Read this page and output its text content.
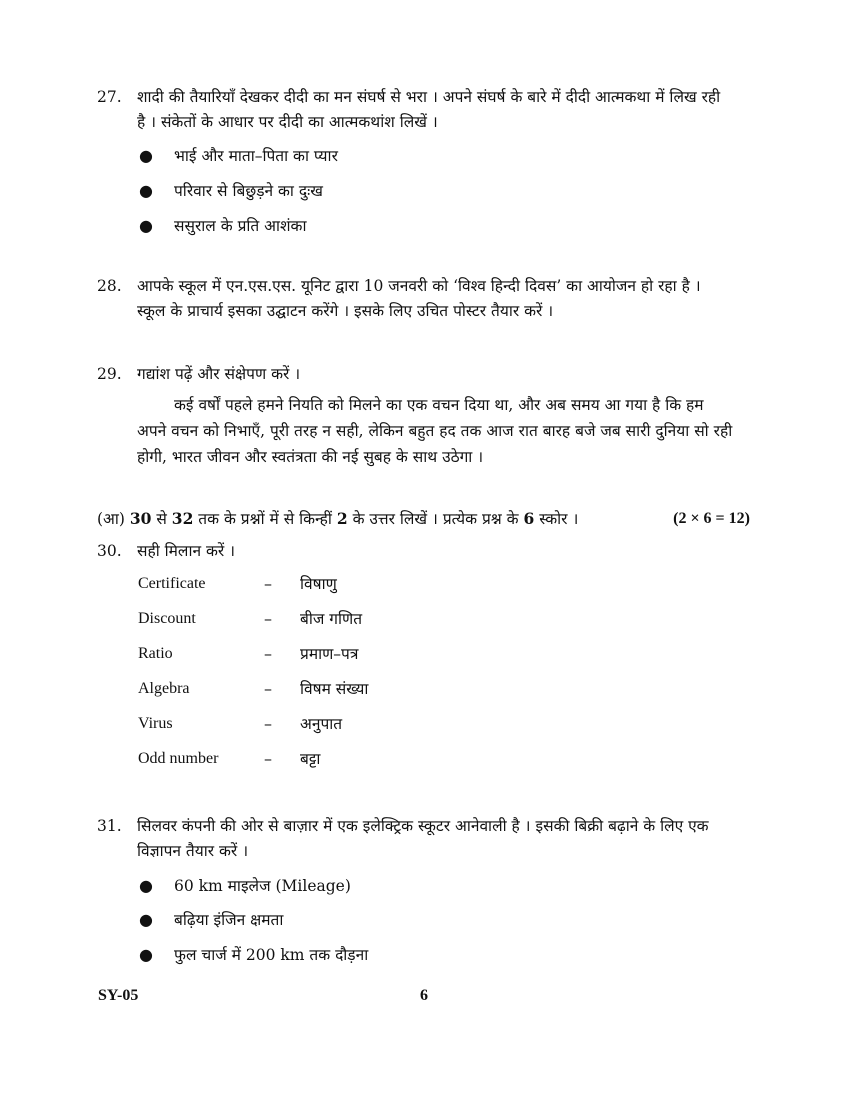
27. शादी की तैयारियाँ देखकर दीदी का मन संघर्ष से भरा । अपने संघर्ष के बारे में दीदी आत्मकथा में लिख रही
है । संकेतों के आधार पर दीदी का आत्मकथांश लिखें ।
● भाई और माता–पिता का प्यार
● परिवार से बिछुड़ने का दुःख
● ससुराल के प्रति आशंका
28. आपके स्कूल में एन.एस.एस. यूनिट द्वारा 10 जनवरी को ‘विश्व हिन्दी दिवस’ का आयोजन हो रहा है ।
स्कूल के प्राचार्य इसका उद्घाटन करेंगे । इसके लिए उचित पोस्टर तैयार करें ।
29. गद्यांश पढ़ें और संक्षेपण करें ।
कई वर्षों पहले हमने नियति को मिलने का एक वचन दिया था, और अब समय आ गया है कि हम
अपने वचन को निभाएँ, पूरी तरह न सही, लेकिन बहुत हद तक आज रात बारह बजे जब सारी दुनिया सो रही
होगी, भारत जीवन और स्वतंत्रता की नई सुबह के साथ उठेगा ।
(आ) 30 से 32 तक के प्रश्नों में से किन्हीं 2 के उत्तर लिखें । प्रत्येक प्रश्न के 6 स्कोर ।	(2 × 6 = 12)
30. सही मिलान करें ।
Certificate	– विषाणु
Discount	– बीज गणित
Ratio	– प्रमाण–पत्र
Algebra	– विषम संख्या
Virus	– अनुपात
Odd number	– बट्टा
31. सिलवर कंपनी की ओर से बाज़ार में एक इलेक्ट्रिक स्कूटर आनेवाली है । इसकी बिक्री बढ़ाने के लिए एक
विज्ञापन तैयार करें ।
● 60 km माइलेज (Mileage)
● बढ़िया इंजिन क्षमता
● फुल चार्ज में 200 km तक दौड़ना
SY-05	6
